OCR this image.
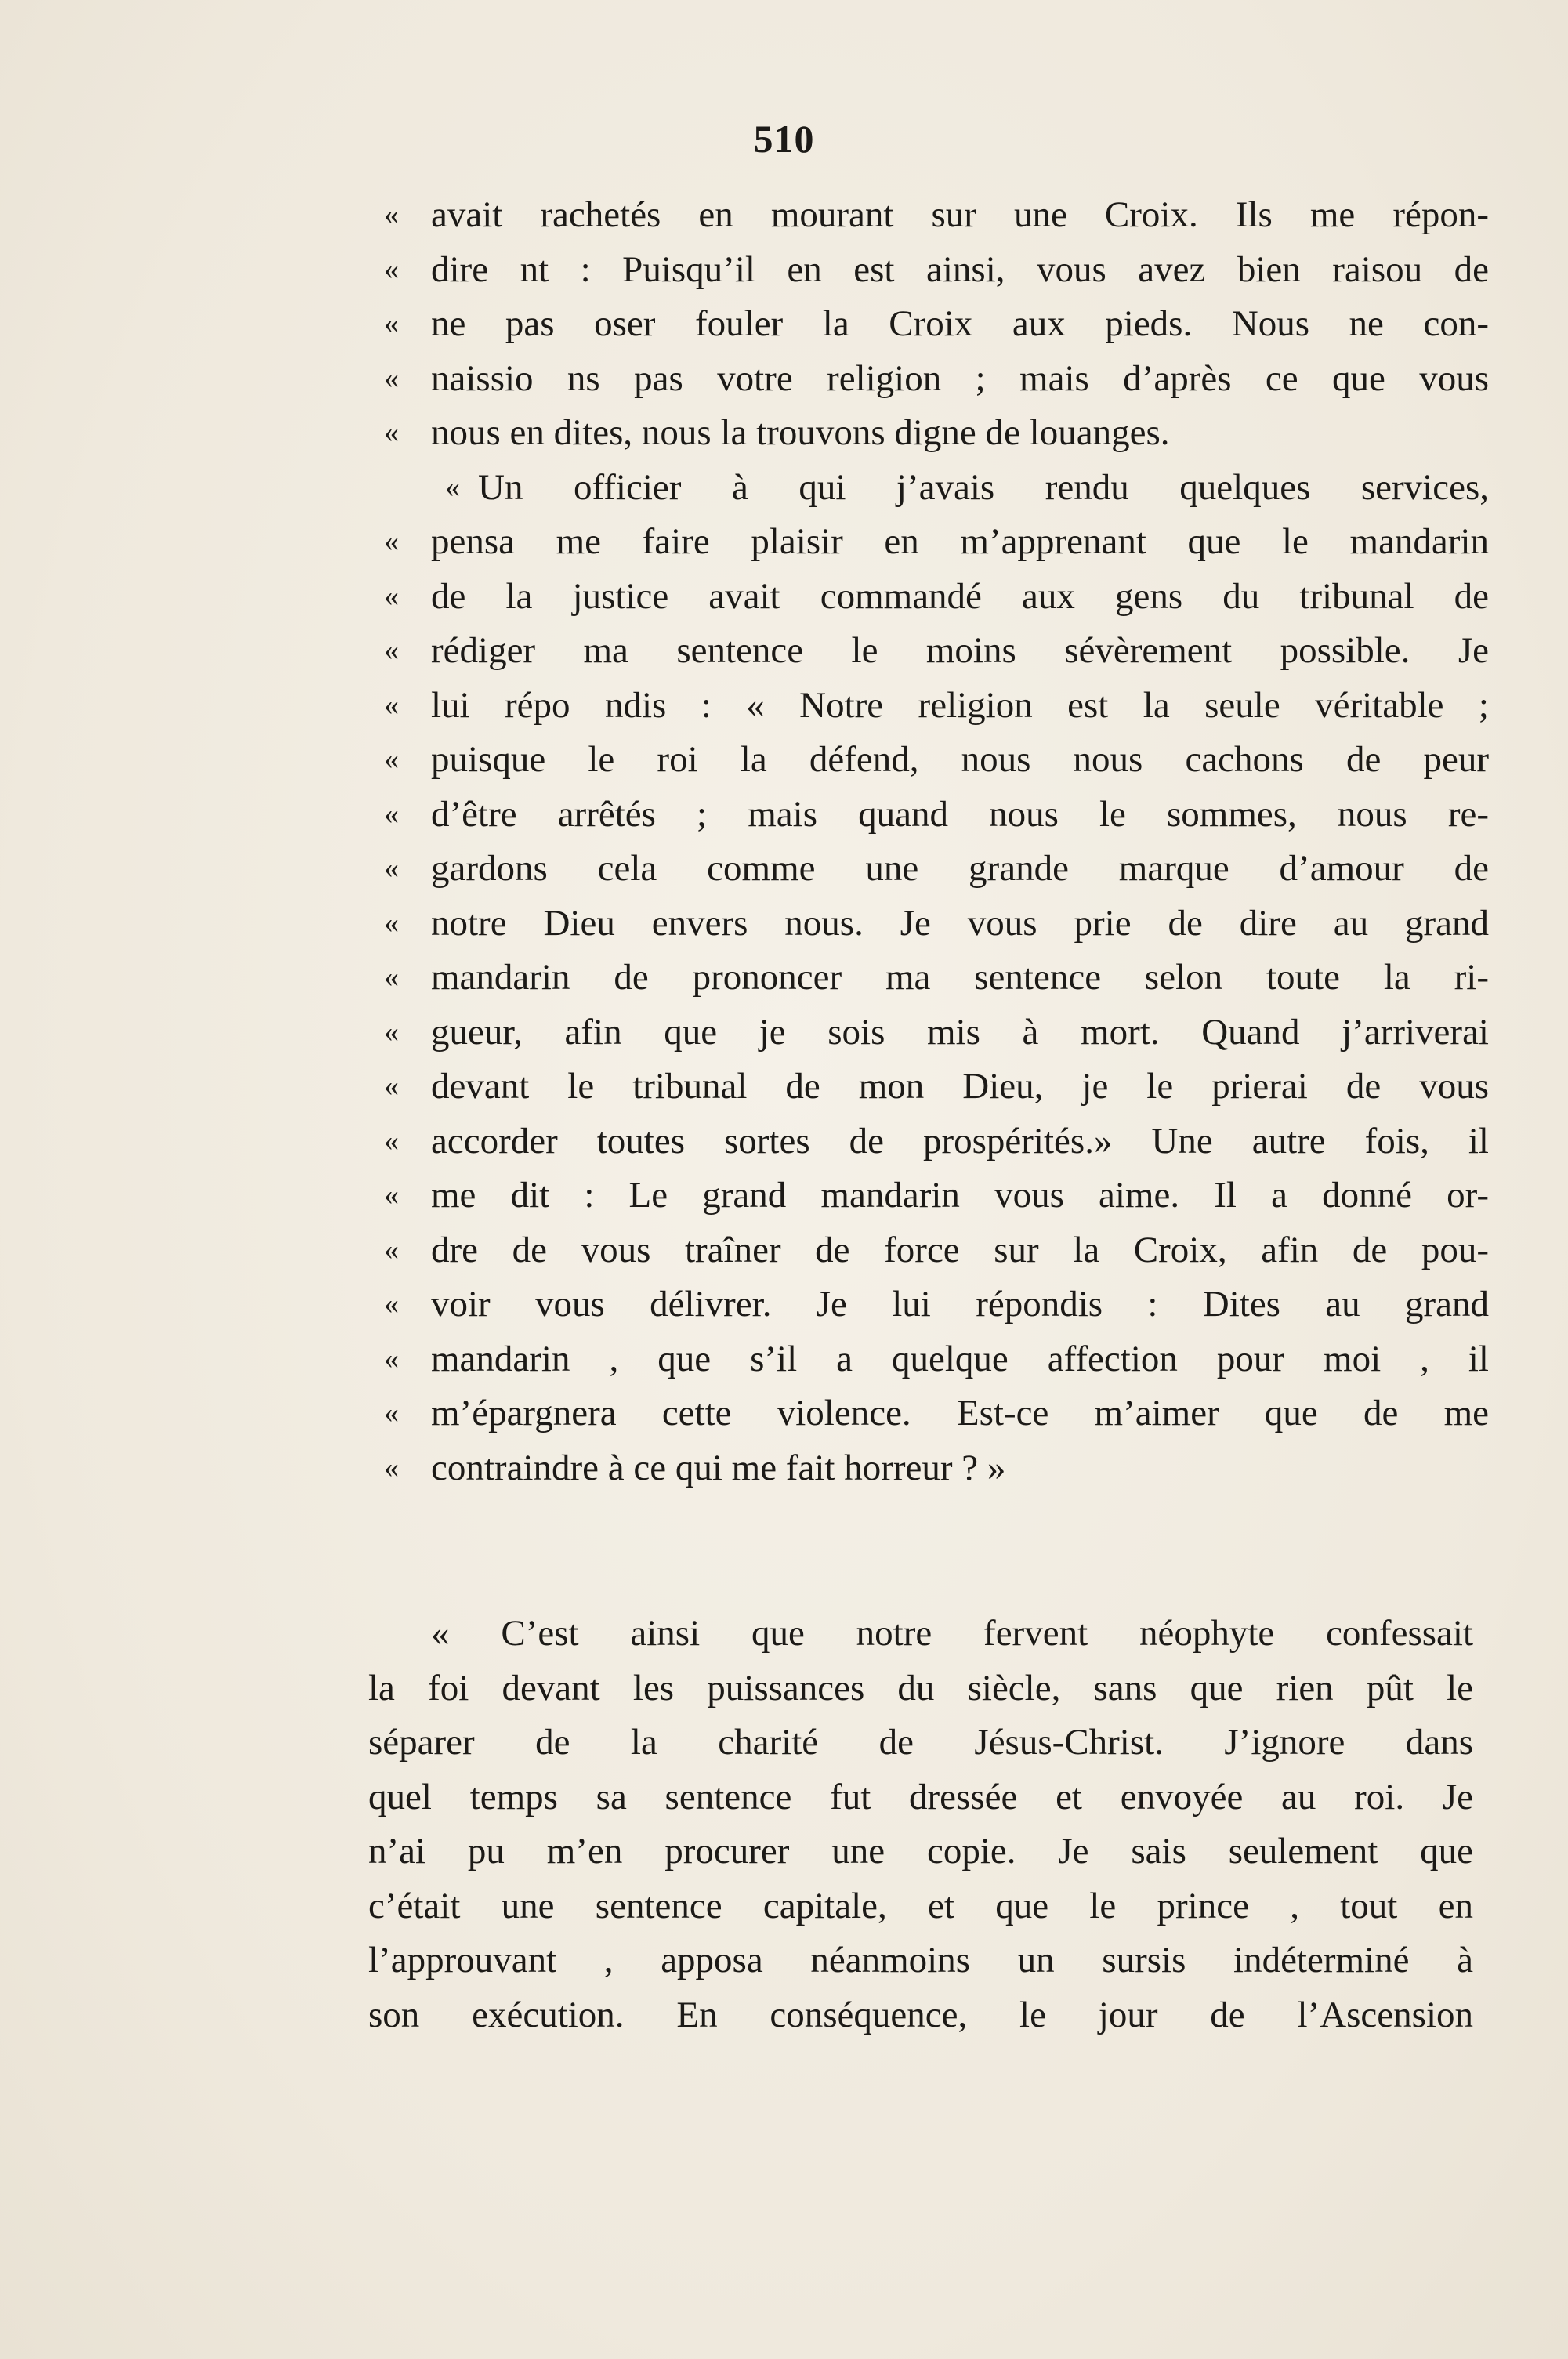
510
« avait rachetés en mourant sur une Croix. Ils me répon-
« dire nt : Puisqu’il en est ainsi, vous avez bien raisou de
« ne pas oser fouler la Croix aux pieds. Nous ne con-
« naissio ns pas votre religion ; mais d’après ce que vous
« nous en dites, nous la trouvons digne de louanges.
« Un officier à qui j’avais rendu quelques services,
« pensa me faire plaisir en m’apprenant que le mandarin
« de la justice avait commandé aux gens du tribunal de
« rédiger ma sentence le moins sévèrement possible. Je
« lui répo ndis : « Notre religion est la seule véritable ;
« puisque le roi la défend, nous nous cachons de peur
« d’être arrêtés ; mais quand nous le sommes, nous re-
« gardons cela comme une grande marque d’amour de
« notre Dieu envers nous. Je vous prie de dire au grand
« mandarin de prononcer ma sentence selon toute la ri-
« gueur, afin que je sois mis à mort. Quand j’arriverai
« devant le tribunal de mon Dieu, je le prierai de vous
« accorder toutes sortes de prospérités.» Une autre fois, il
« me dit : Le grand mandarin vous aime. Il a donné or-
« dre de vous traîner de force sur la Croix, afin de pou-
« voir vous délivrer. Je lui répondis : Dites au grand
« mandarin , que s’il a quelque affection pour moi , il
« m’épargnera cette violence. Est-ce m’aimer que de me
« contraindre à ce qui me fait horreur ? »
« C’est ainsi que notre fervent néophyte confessait
la foi devant les puissances du siècle, sans que rien pût le
séparer de la charité de Jésus-Christ. J’ignore dans
quel temps sa sentence fut dressée et envoyée au roi. Je
n’ai pu m’en procurer une copie. Je sais seulement que
c’était une sentence capitale, et que le prince , tout en
l’approuvant , apposa néanmoins un sursis indéterminé à
son exécution. En conséquence, le jour de l’Ascension
